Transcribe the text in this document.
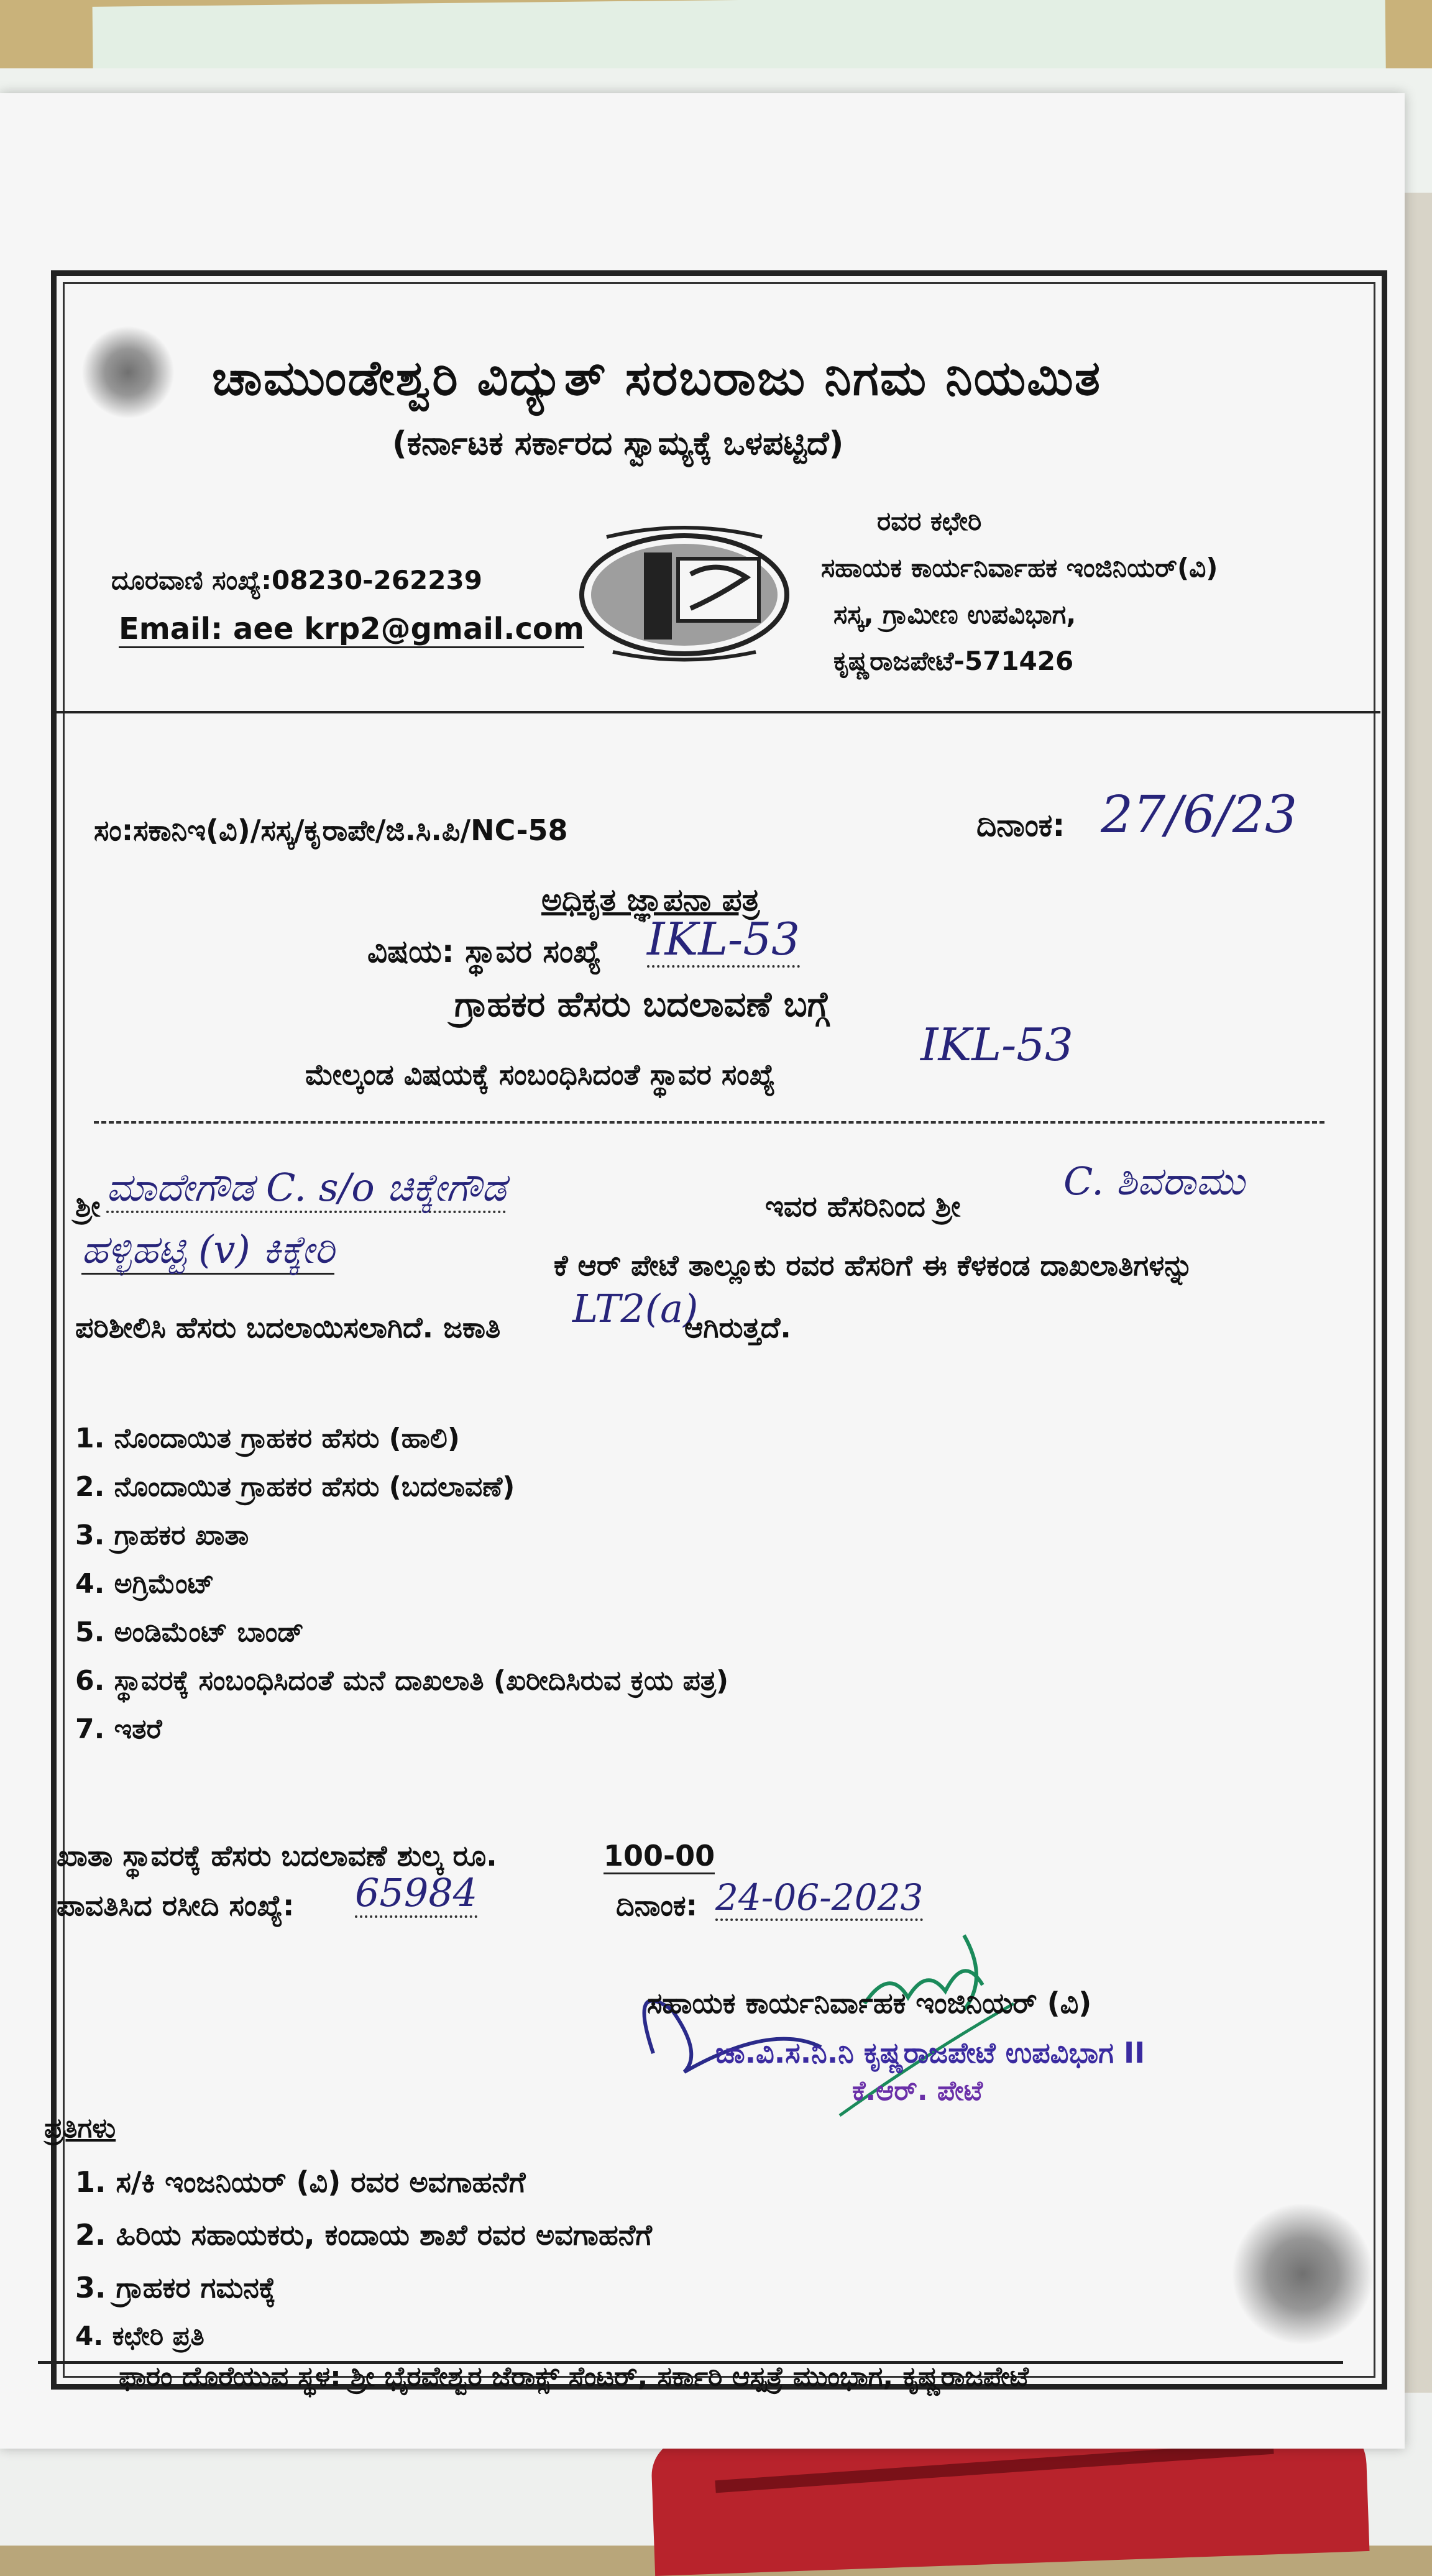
ಚಾಮುಂಡೇಶ್ವರಿ ವಿದ್ಯುತ್ ಸರಬರಾಜು ನಿಗಮ ನಿಯಮಿತ
(ಕರ್ನಾಟಕ ಸರ್ಕಾರದ ಸ್ವಾಮ್ಯಕ್ಕೆ ಒಳಪಟ್ಟಿದೆ)
ದೂರವಾಣಿ ಸಂಖ್ಯೆ:08230-262239
Email: aee krp2@gmail.com
ರವರ ಕಛೇರಿ
ಸಹಾಯಕ ಕಾರ್ಯನಿರ್ವಾಹಕ ಇಂಜಿನಿಯರ್(ವಿ)
ಸಸ್ಕ, ಗ್ರಾಮೀಣ ಉಪವಿಭಾಗ,
ಕೃಷ್ಣರಾಜಪೇಟೆ-571426
ಸಂ:ಸಕಾನಿಇ(ವಿ)/ಸಸ್ಕ/ಕೃರಾಪೇ/ಜಿ.ಸಿ.ಪಿ/NC-58	ದಿನಾಂಕ: 27/6/23
ಅಧಿಕೃತ ಜ್ಞಾಪನಾ ಪತ್ರ
ವಿಷಯ: ಸ್ಥಾವರ ಸಂಖ್ಯೆ IKL-53
ಗ್ರಾಹಕರ ಹೆಸರು ಬದಲಾವಣೆ ಬಗ್ಗೆ
ಮೇಲ್ಕಂಡ ವಿಷಯಕ್ಕೆ ಸಂಬಂಧಿಸಿದಂತೆ ಸ್ಥಾವರ ಸಂಖ್ಯೆ
IKL-53
ಶ್ರೀ ಮಾದೇಗೌಡ C. s/o ಚಿಕ್ಕೇಗೌಡ	ಇವರ ಹೆಸರಿನಿಂದ ಶ್ರೀ
C. ಶಿವರಾಮು
ಹಳ್ಳಿಹಟ್ಟಿ (v) ಕಿಕ್ಕೇರಿ	ಕೆ ಆರ್ ಪೇಟೆ ತಾಲ್ಲೂಕು ರವರ ಹೆಸರಿಗೆ ಈ ಕೆಳಕಂಡ ದಾಖಲಾತಿಗಳನ್ನು
ಪರಿಶೀಲಿಸಿ ಹೆಸರು ಬದಲಾಯಿಸಲಾಗಿದೆ. ಜಕಾತಿ LT2(a)
ಆಗಿರುತ್ತದೆ.
1. ನೊಂದಾಯಿತ ಗ್ರಾಹಕರ ಹೆಸರು (ಹಾಲಿ)
2. ನೊಂದಾಯಿತ ಗ್ರಾಹಕರ ಹೆಸರು (ಬದಲಾವಣೆ)
3. ಗ್ರಾಹಕರ ಖಾತಾ
4. ಅಗ್ರಿಮೆಂಟ್
5. ಅಂಡಿಮೆಂಟ್ ಬಾಂಡ್
6. ಸ್ಥಾವರಕ್ಕೆ ಸಂಬಂಧಿಸಿದಂತೆ ಮನೆ ದಾಖಲಾತಿ (ಖರೀದಿಸಿರುವ ಕ್ರಯ ಪತ್ರ)
7. ಇತರೆ
ಖಾತಾ ಸ್ಥಾವರಕ್ಕೆ ಹೆಸರು ಬದಲಾವಣೆ ಶುಲ್ಕ ರೂ.	100-00
ಪಾವತಿಸಿದ ರಸೀದಿ ಸಂಖ್ಯೆ: 65984	ದಿನಾಂಕ: 24-06-2023
ಸಹಾಯಕ ಕಾರ್ಯನಿರ್ವಾಹಕ ಇಂಜಿನಿಯರ್ (ವಿ)
ಚಾ.ವಿ.ಸ.ನಿ.ನಿ ಕೃಷ್ಣರಾಜಪೇಟೆ ಉಪವಿಭಾಗ II
ಕೆ.ಆರ್. ಪೇಟೆ
ಪ್ರತಿಗಳು
1. ಸ/ಕಿ ಇಂಜನಿಯರ್ (ವಿ) ರವರ ಅವಗಾಹನೆಗೆ
2. ಹಿರಿಯ ಸಹಾಯಕರು, ಕಂದಾಯ ಶಾಖೆ ರವರ ಅವಗಾಹನೆಗೆ
3. ಗ್ರಾಹಕರ ಗಮನಕ್ಕೆ
4. ಕಛೇರಿ ಪ್ರತಿ
ಫಾರಂ ದೊರೆಯುವ ಸ್ಥಳ: ಶ್ರೀ ಭೈರವೇಶ್ವರ ಜೆರಾಕ್ಸ್ ಸೆಂಟರ್, ಸರ್ಕಾರಿ ಆಸ್ಪತ್ರೆ ಮುಂಭಾಗ, ಕೃಷ್ಣರಾಜಪೇಟೆ
